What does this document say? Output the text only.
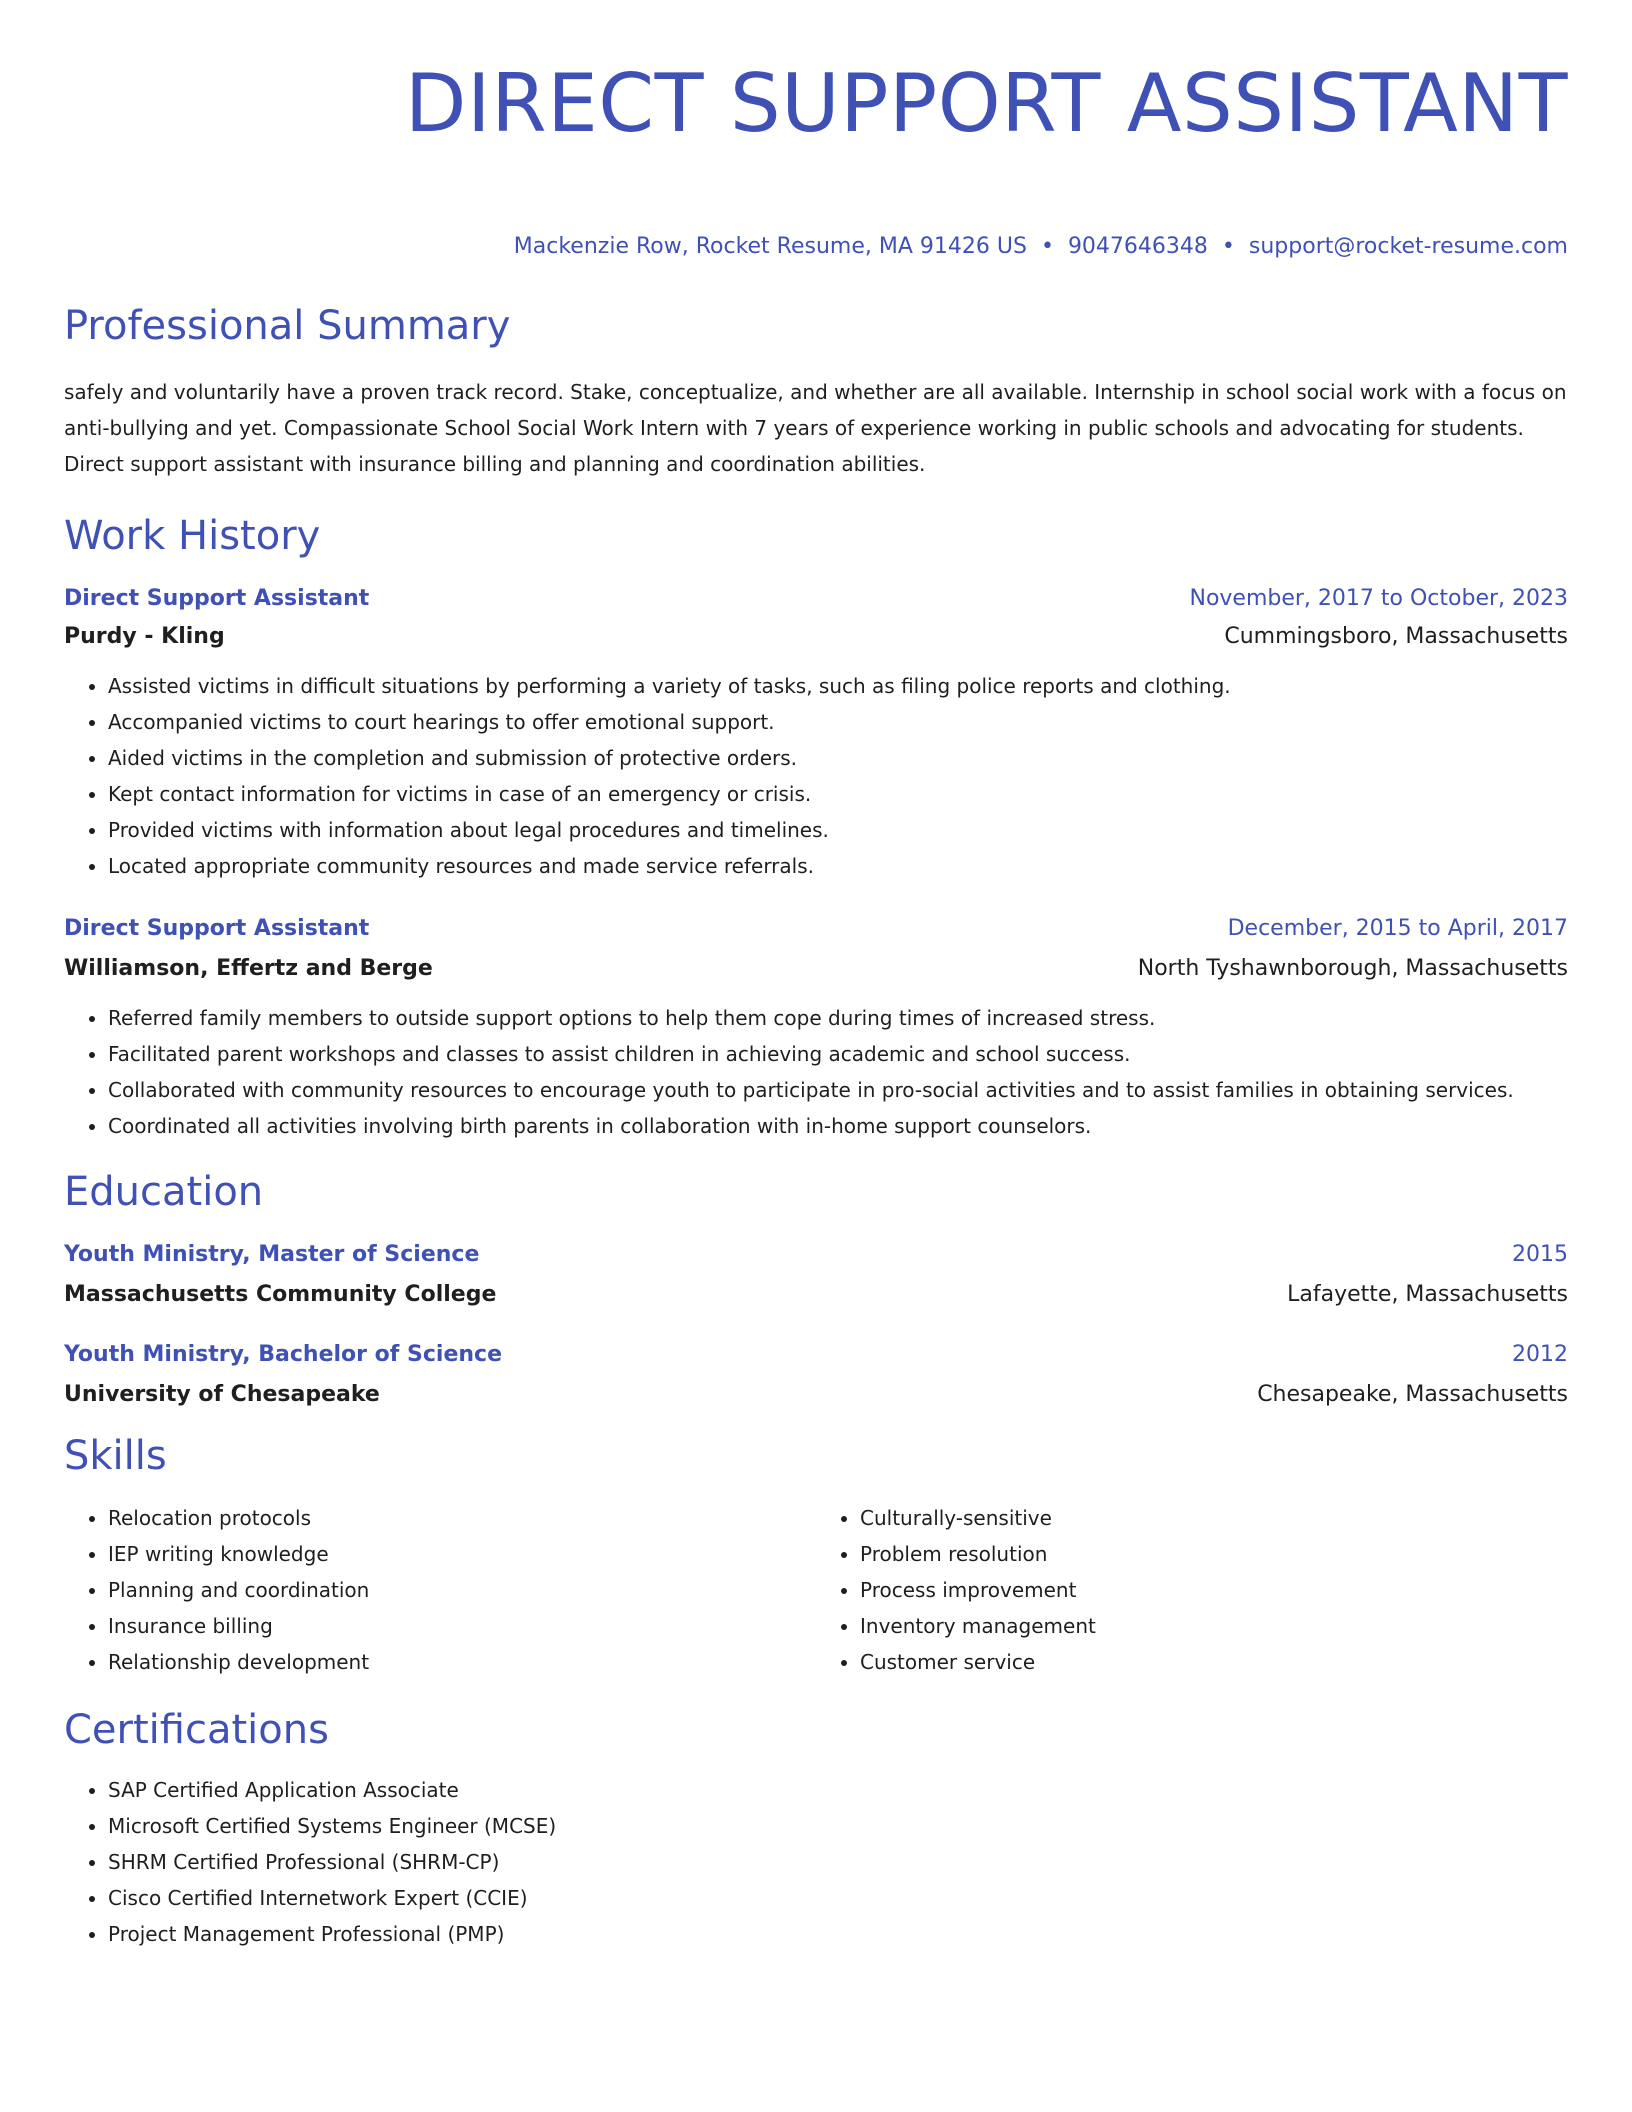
DIRECT SUPPORT ASSISTANT
Mackenzie Row, Rocket Resume, MA 91426 US • 9047646348 • support@rocket-resume.com
Professional Summary

safely and voluntarily have a proven track record. Stake, conceptualize, and whether are all available. Internship in school social work with a focus on anti-bullying and yet. Compassionate School Social Work Intern with 7 years of experience working in public schools and advocating for students. Direct support assistant with insurance billing and planning and coordination abilities.

Work History
Direct Support Assistant	November, 2017 to October, 2023
Purdy - Kling	Cummingsboro, Massachusetts
• Assisted victims in difficult situations by performing a variety of tasks, such as filing police reports and clothing.
• Accompanied victims to court hearings to offer emotional support.
• Aided victims in the completion and submission of protective orders.
• Kept contact information for victims in case of an emergency or crisis.
• Provided victims with information about legal procedures and timelines.
• Located appropriate community resources and made service referrals.
Direct Support Assistant	December, 2015 to April, 2017
Williamson, Effertz and Berge	North Tyshawnborough, Massachusetts
• Referred family members to outside support options to help them cope during times of increased stress.
• Facilitated parent workshops and classes to assist children in achieving academic and school success.
• Collaborated with community resources to encourage youth to participate in pro-social activities and to assist families in obtaining services.
• Coordinated all activities involving birth parents in collaboration with in-home support counselors.
Education
Youth Ministry, Master of Science	2015
Massachusetts Community College	Lafayette, Massachusetts
Youth Ministry, Bachelor of Science	2012
University of Chesapeake	Chesapeake, Massachusetts
Skills
• Relocation protocols
• IEP writing knowledge
• Planning and coordination
• Insurance billing
• Relationship development
• Culturally-sensitive
• Problem resolution
• Process improvement
• Inventory management
• Customer service
Certifications
• SAP Certified Application Associate
• Microsoft Certified Systems Engineer (MCSE)
• SHRM Certified Professional (SHRM-CP)
• Cisco Certified Internetwork Expert (CCIE)
• Project Management Professional (PMP)
